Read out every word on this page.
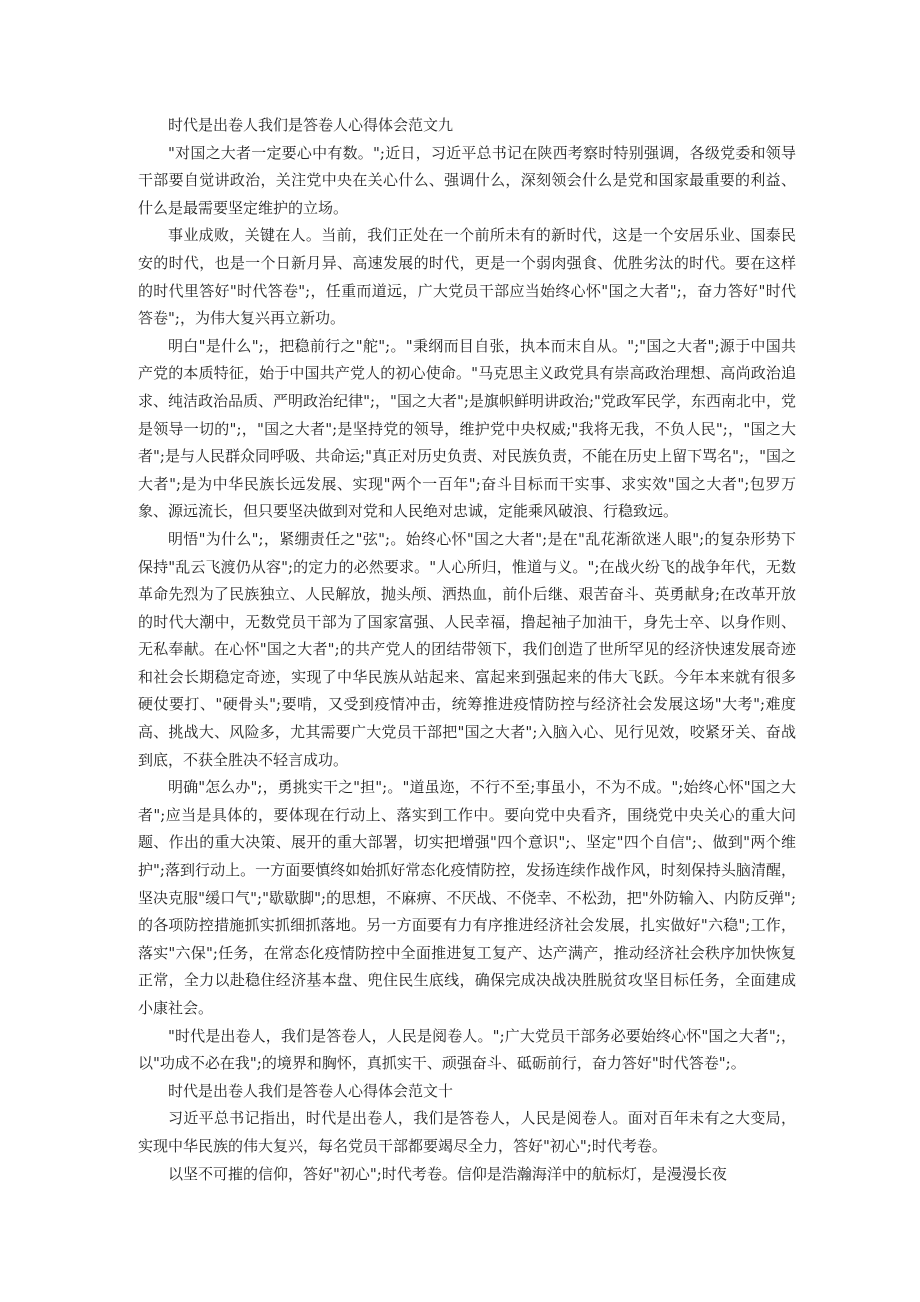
时代是出卷人我们是答卷人心得体会范文九

"对国之大者一定要心中有数。";近日，习近平总书记在陕西考察时特别强调，各级党委和领导干部要自觉讲政治，关注党中央在关心什么、强调什么，深刻领会什么是党和国家最重要的利益、什么是最需要坚定维护的立场。

事业成败，关键在人。当前，我们正处在一个前所未有的新时代，这是一个安居乐业、国泰民安的时代，也是一个日新月异、高速发展的时代，更是一个弱肉强食、优胜劣汰的时代。要在这样的时代里答好"时代答卷";，任重而道远，广大党员干部应当始终心怀"国之大者";，奋力答好"时代答卷";，为伟大复兴再立新功。

明白"是什么";，把稳前行之"舵";。"秉纲而目自张，执本而末自从。";"国之大者";源于中国共产党的本质特征，始于中国共产党人的初心使命。"马克思主义政党具有崇高政治理想、高尚政治追求、纯洁政治品质、严明政治纪律";，"国之大者";是旗帜鲜明讲政治;"党政军民学，东西南北中，党是领导一切的";，"国之大者";是坚持党的领导，维护党中央权威;"我将无我，不负人民";，"国之大者";是与人民群众同呼吸、共命运;"真正对历史负责、对民族负责，不能在历史上留下骂名";，"国之大者";是为中华民族长远发展、实现"两个一百年";奋斗目标而干实事、求实效"国之大者";包罗万象、源远流长，但只要坚决做到对党和人民绝对忠诚，定能乘风破浪、行稳致远。

明悟"为什么";，紧绷责任之"弦";。始终心怀"国之大者";是在"乱花渐欲迷人眼";的复杂形势下保持"乱云飞渡仍从容";的定力的必然要求。"人心所归，惟道与义。";在战火纷飞的战争年代，无数革命先烈为了民族独立、人民解放，抛头颅、洒热血，前仆后继、艰苦奋斗、英勇献身;在改革开放的时代大潮中，无数党员干部为了国家富强、人民幸福，撸起袖子加油干，身先士卒、以身作则、无私奉献。在心怀"国之大者";的共产党人的团结带领下，我们创造了世所罕见的经济快速发展奇迹和社会长期稳定奇迹，实现了中华民族从站起来、富起来到强起来的伟大飞跃。今年本来就有很多硬仗要打、"硬骨头";要啃，又受到疫情冲击，统筹推进疫情防控与经济社会发展这场"大考";难度高、挑战大、风险多，尤其需要广大党员干部把"国之大者";入脑入心、见行见效，咬紧牙关、奋战到底，不获全胜决不轻言成功。

明确"怎么办";，勇挑实干之"担";。"道虽迩，不行不至;事虽小，不为不成。";始终心怀"国之大者";应当是具体的，要体现在行动上、落实到工作中。要向党中央看齐，围绕党中央关心的重大问题、作出的重大决策、展开的重大部署，切实把增强"四个意识";、坚定"四个自信";、做到"两个维护";落到行动上。一方面要慎终如始抓好常态化疫情防控，发扬连续作战作风，时刻保持头脑清醒，坚决克服"缓口气";"歇歇脚";的思想，不麻痹、不厌战、不侥幸、不松劲，把"外防输入、内防反弹";的各项防控措施抓实抓细抓落地。另一方面要有力有序推进经济社会发展，扎实做好"六稳";工作，落实"六保";任务，在常态化疫情防控中全面推进复工复产、达产满产，推动经济社会秩序加快恢复正常，全力以赴稳住经济基本盘、兜住民生底线，确保完成决战决胜脱贫攻坚目标任务，全面建成小康社会。

"时代是出卷人，我们是答卷人，人民是阅卷人。";广大党员干部务必要始终心怀"国之大者";，以"功成不必在我";的境界和胸怀，真抓实干、顽强奋斗、砥砺前行，奋力答好"时代答卷";。

时代是出卷人我们是答卷人心得体会范文十

习近平总书记指出，时代是出卷人，我们是答卷人，人民是阅卷人。面对百年未有之大变局，实现中华民族的伟大复兴，每名党员干部都要竭尽全力，答好"初心";时代考卷。

以坚不可摧的信仰，答好"初心";时代考卷。信仰是浩瀚海洋中的航标灯，是漫漫长夜
